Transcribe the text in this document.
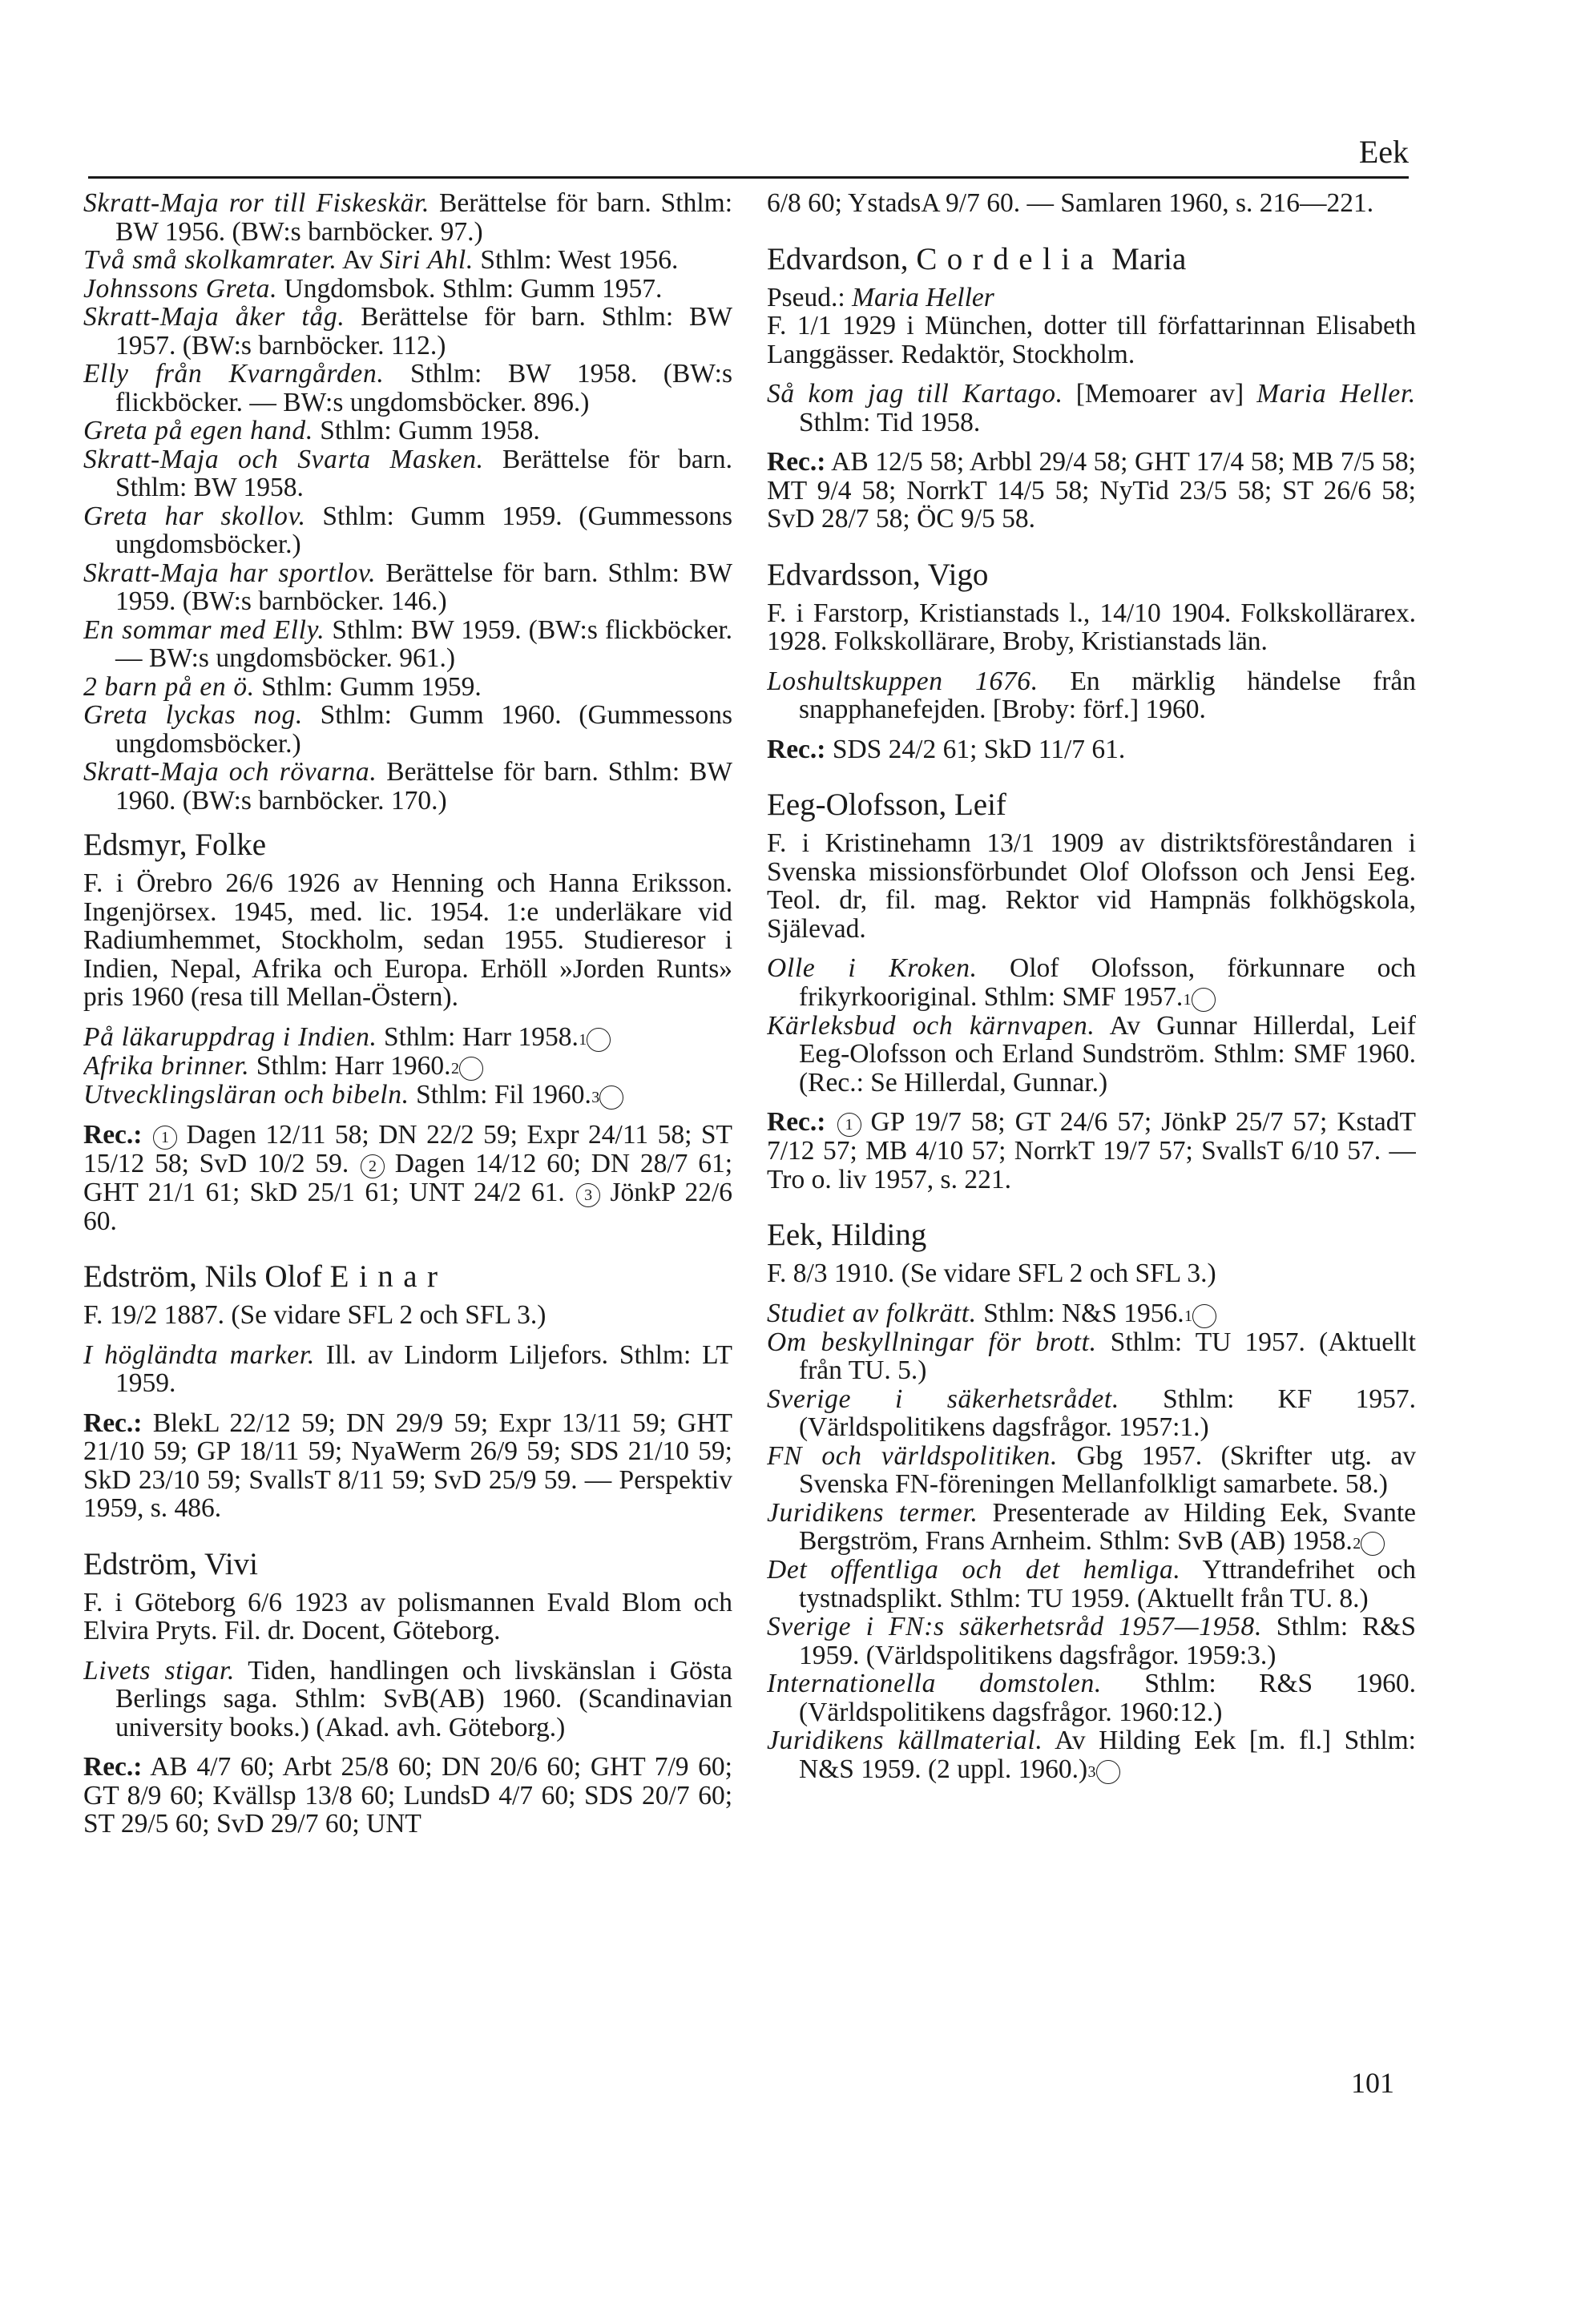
Eek

Skratt-Maja ror till Fiskeskär. Berättelse för barn. Sthlm: BW 1956. (BW:s barnböcker. 97.)

Två små skolkamrater. Av Siri Ahl. Sthlm: West 1956.

Johnssons Greta. Ungdomsbok. Sthlm: Gumm 1957.

Skratt-Maja åker tåg. Berättelse för barn. Sthlm: BW 1957. (BW:s barnböcker. 112.)

Elly från Kvarngården. Sthlm: BW 1958. (BW:s flickböcker. — BW:s ungdomsböcker. 896.)

Greta på egen hand. Sthlm: Gumm 1958.

Skratt-Maja och Svarta Masken. Berättelse för barn. Sthlm: BW 1958.

Greta har skollov. Sthlm: Gumm 1959. (Gummessons ungdomsböcker.)

Skratt-Maja har sportlov. Berättelse för barn. Sthlm: BW 1959. (BW:s barnböcker. 146.)

En sommar med Elly. Sthlm: BW 1959. (BW:s flickböcker. — BW:s ungdomsböcker. 961.)

2 barn på en ö. Sthlm: Gumm 1959.

Greta lyckas nog. Sthlm: Gumm 1960. (Gummessons ungdomsböcker.)

Skratt-Maja och rövarna. Berättelse för barn. Sthlm: BW 1960. (BW:s barnböcker. 170.)

Edsmyr, Folke

F. i Örebro 26/6 1926 av Henning och Hanna Eriksson. Ingenjörsex. 1945, med. lic. 1954. 1:e underläkare vid Radiumhemmet, Stockholm, sedan 1955. Studieresor i Indien, Nepal, Afrika och Europa. Erhöll »Jorden Runts» pris 1960 (resa till Mellan-Östern).

På läkaruppdrag i Indien. Sthlm: Harr 1958. 1

Afrika brinner. Sthlm: Harr 1960. 2

Utvecklingsläran och bibeln. Sthlm: Fil 1960. 3

Rec.: 1 Dagen 12/11 58; DN 22/2 59; Expr 24/11 58; ST 15/12 58; SvD 10/2 59. 2 Dagen 14/12 60; DN 28/7 61; GHT 21/1 61; SkD 25/1 61; UNT 24/2 61. 3 JönkP 22/6 60.

Edström, Nils Olof Einar

F. 19/2 1887. (Se vidare SFL 2 och SFL 3.)

I högländta marker. Ill. av Lindorm Liljefors. Sthlm: LT 1959.

Rec.: BlekL 22/12 59; DN 29/9 59; Expr 13/11 59; GHT 21/10 59; GP 18/11 59; NyaWerm 26/9 59; SDS 21/10 59; SkD 23/10 59; SvallsT 8/11 59; SvD 25/9 59. — Perspektiv 1959, s. 486.

Edström, Vivi

F. i Göteborg 6/6 1923 av polismannen Evald Blom och Elvira Pryts. Fil. dr. Docent, Göteborg.

Livets stigar. Tiden, handlingen och livskänslan i Gösta Berlings saga. Sthlm: SvB(AB) 1960. (Scandinavian university books.) (Akad. avh. Göteborg.)

Rec.: AB 4/7 60; Arbt 25/8 60; DN 20/6 60; GHT 7/9 60; GT 8/9 60; Kvällsp 13/8 60; LundsD 4/7 60; SDS 20/7 60; ST 29/5 60; SvD 29/7 60; UNT

6/8 60; YstadsA 9/7 60. — Samlaren 1960, s. 216—221.

Edvardson, Cordelia Maria

Pseud.: Maria Heller

F. 1/1 1929 i München, dotter till författarinnan Elisabeth Langgässer. Redaktör, Stockholm.

Så kom jag till Kartago. [Memoarer av] Maria Heller. Sthlm: Tid 1958.

Rec.: AB 12/5 58; Arbbl 29/4 58; GHT 17/4 58; MB 7/5 58; MT 9/4 58; NorrkT 14/5 58; NyTid 23/5 58; ST 26/6 58; SvD 28/7 58; ÖC 9/5 58.

Edvardsson, Vigo

F. i Farstorp, Kristianstads l., 14/10 1904. Folkskollärarex. 1928. Folkskollärare, Broby, Kristianstads län.

Loshultskuppen 1676. En märklig händelse från snapphanefejden. [Broby: förf.] 1960.

Rec.: SDS 24/2 61; SkD 11/7 61.

Eeg-Olofsson, Leif

F. i Kristinehamn 13/1 1909 av distriktsföreståndaren i Svenska missionsförbundet Olof Olofsson och Jensi Eeg. Teol. dr, fil. mag. Rektor vid Hampnäs folkhögskola, Själevad.

Olle i Kroken. Olof Olofsson, förkunnare och frikyrkooriginal. Sthlm: SMF 1957. 1

Kärleksbud och kärnvapen. Av Gunnar Hillerdal, Leif Eeg-Olofsson och Erland Sundström. Sthlm: SMF 1960. (Rec.: Se Hillerdal, Gunnar.)

Rec.: 1 GP 19/7 58; GT 24/6 57; JönkP 25/7 57; KstadT 7/12 57; MB 4/10 57; NorrkT 19/7 57; SvallsT 6/10 57. — Tro o. liv 1957, s. 221.

Eek, Hilding

F. 8/3 1910. (Se vidare SFL 2 och SFL 3.)

Studiet av folkrätt. Sthlm: N&S 1956. 1

Om beskyllningar för brott. Sthlm: TU 1957. (Aktuellt från TU. 5.)

Sverige i säkerhetsrådet. Sthlm: KF 1957. (Världspolitikens dagsfrågor. 1957:1.)

FN och världspolitiken. Gbg 1957. (Skrifter utg. av Svenska FN-föreningen Mellanfolkligt samarbete. 58.)

Juridikens termer. Presenterade av Hilding Eek, Svante Bergström, Frans Arnheim. Sthlm: SvB (AB) 1958. 2

Det offentliga och det hemliga. Yttrandefrihet och tystnadsplikt. Sthlm: TU 1959. (Aktuellt från TU. 8.)

Sverige i FN:s säkerhetsråd 1957—1958. Sthlm: R&S 1959. (Världspolitikens dagsfrågor. 1959:3.)

Internationella domstolen. Sthlm: R&S 1960. (Världspolitikens dagsfrågor. 1960:12.)

Juridikens källmaterial. Av Hilding Eek [m. fl.] Sthlm: N&S 1959. (2 uppl. 1960.) 3

101
